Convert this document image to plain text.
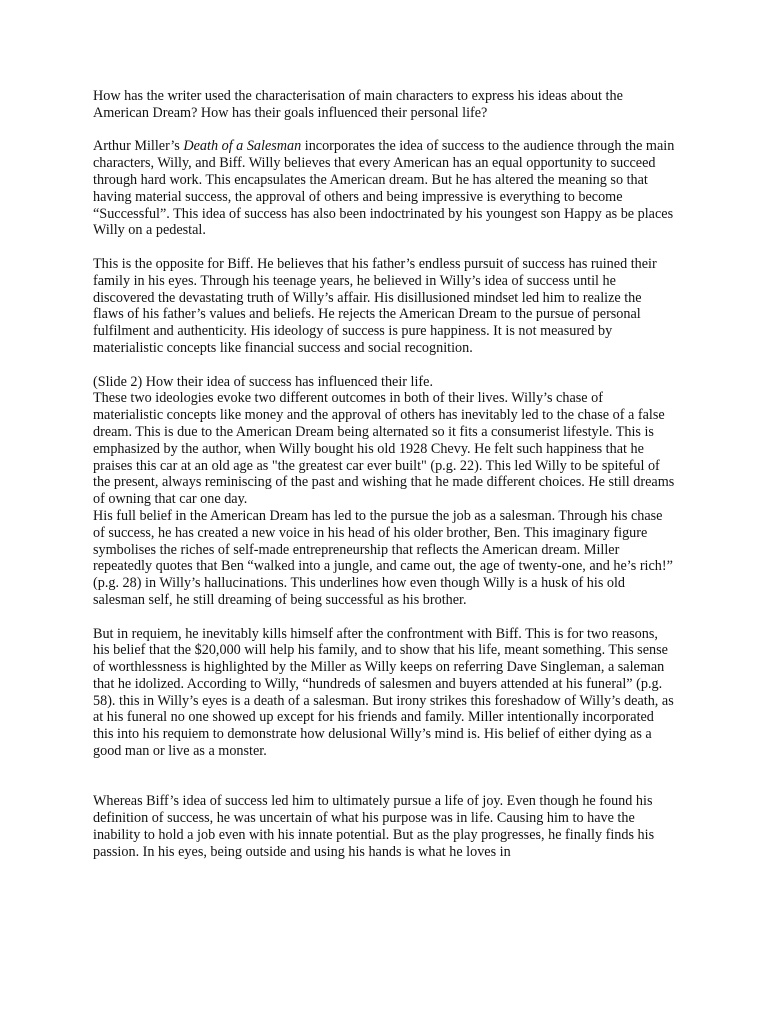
How has the writer used the characterisation of main characters to express his ideas about the American Dream? How has their goals influenced their personal life?

Arthur Miller’s Death of a Salesman incorporates the idea of success to the audience through the main characters, Willy, and Biff. Willy believes that every American has an equal opportunity to succeed through hard work. This encapsulates the American dream. But he has altered the meaning so that having material success, the approval of others and being impressive is everything to become “Successful”. This idea of success has also been indoctrinated by his youngest son Happy as be places Willy on a pedestal.

This is the opposite for Biff. He believes that his father’s endless pursuit of success has ruined their family in his eyes. Through his teenage years, he believed in Willy’s idea of success until he discovered the devastating truth of Willy’s affair. His disillusioned mindset led him to realize the flaws of his father’s values and beliefs. He rejects the American Dream to the pursue of personal fulfilment and authenticity. His ideology of success is pure happiness. It is not measured by materialistic concepts like financial success and social recognition.

(Slide 2) How their idea of success has influenced their life.

These two ideologies evoke two different outcomes in both of their lives. Willy’s chase of materialistic concepts like money and the approval of others has inevitably led to the chase of a false dream. This is due to the American Dream being alternated so it fits a consumerist lifestyle. This is emphasized by the author, when Willy bought his old 1928 Chevy. He felt such happiness that he praises this car at an old age as "the greatest car ever built" (p.g. 22). This led Willy to be spiteful of the present, always reminiscing of the past and wishing that he made different choices. He still dreams of owning that car one day.

His full belief in the American Dream has led to the pursue the job as a salesman. Through his chase of success, he has created a new voice in his head of his older brother, Ben. This imaginary figure symbolises the riches of self-made entrepreneurship that reflects the American dream. Miller repeatedly quotes that Ben “walked into a jungle, and came out, the age of twenty-one, and he’s rich!” (p.g. 28) in Willy’s hallucinations. This underlines how even though Willy is a husk of his old salesman self, he still dreaming of being successful as his brother.

But in requiem, he inevitably kills himself after the confrontment with Biff. This is for two reasons, his belief that the $20,000 will help his family, and to show that his life, meant something. This sense of worthlessness is highlighted by the Miller as Willy keeps on referring Dave Singleman, a saleman that he idolized. According to Willy, “hundreds of salesmen and buyers attended at his funeral” (p.g. 58). this in Willy’s eyes is a death of a salesman. But irony strikes this foreshadow of Willy’s death, as at his funeral no one showed up except for his friends and family. Miller intentionally incorporated this into his requiem to demonstrate how delusional Willy’s mind is. His belief of either dying as a good man or live as a monster.

Whereas Biff’s idea of success led him to ultimately pursue a life of joy. Even though he found his definition of success, he was uncertain of what his purpose was in life. Causing him to have the inability to hold a job even with his innate potential. But as the play progresses, he finally finds his passion. In his eyes, being outside and using his hands is what he loves in
